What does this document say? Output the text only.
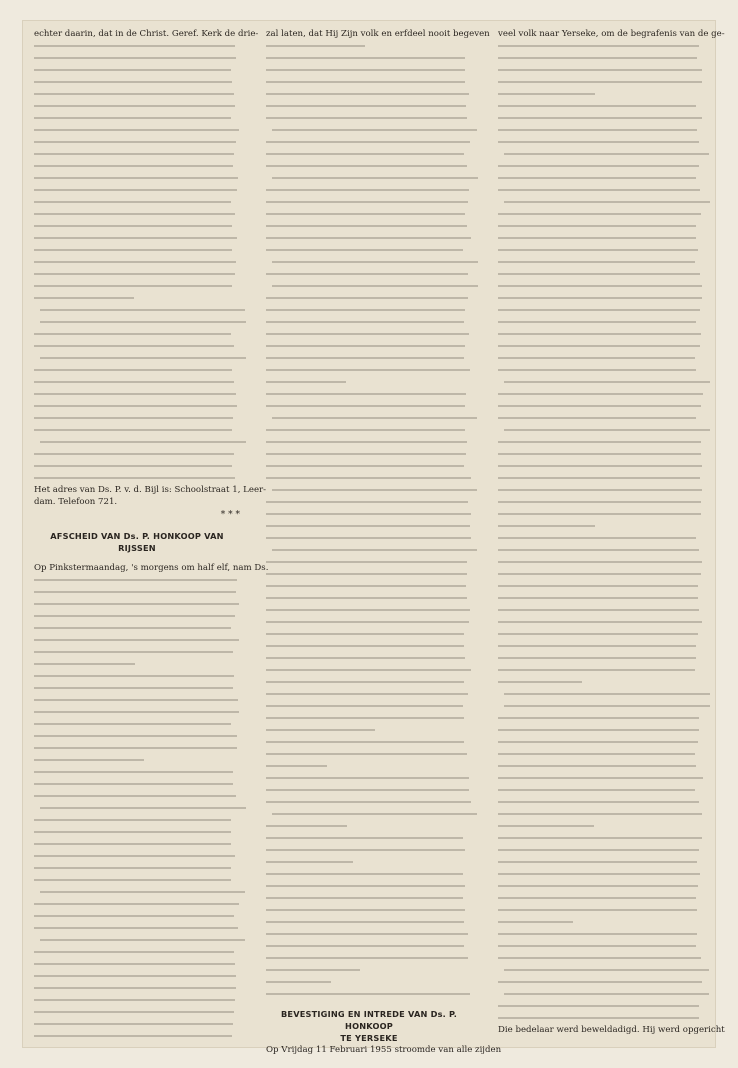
echter daarin, dat in de Christ. Geref. Kerk de drie-
Het adres van Ds. P. v. d. Bijl is: Schoolstraat 1, Leer-
dam. Telefoon 721.
* * *
AFSCHEID VAN Ds. P. HONKOOP VAN RIJSSEN
Op Pinkstermaandag, 's morgens om half elf, nam Ds.
zal laten, dat Hij Zijn volk en erfdeel nooit begeven
BEVESTIGING EN INTREDE VAN Ds. P. HONKOOP
TE YERSEKE
Op Vrijdag 11 Februari 1955 stroomde van alle zijden
veel volk naar Yerseke, om de begrafenis van de ge-
Die bedelaar werd beweldadigd. Hij werd opgericht
